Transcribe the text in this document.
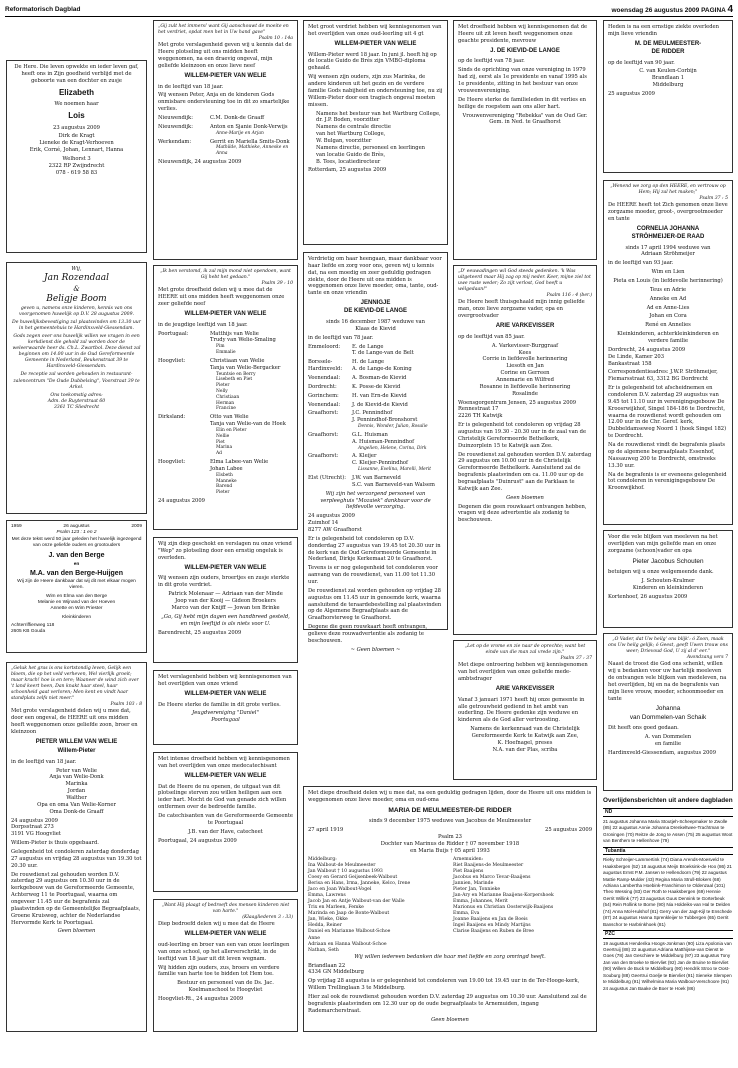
Reformatorisch Dagblad	woensdag 26 augustus 2009 PAGINA 4
De Here. Die leven opwekte en ieder leven gaf, heeft ons in Zijn goedheid verblijd met de geboorte van een dochter en zusje
Elizabeth
We noemen haar
Lois
23 augustus 2009
Dirk de Kragt
Lieneke de Kragt-Verhoeven
Erik, Corné, Johan, Lennart, Hanna
Welhorst 3
2322 RP Zwijndrecht
078 - 619 58 83
Wij,
Jan Rozendaal
&
Beligje Boom
geven u, namens onze kinderen, kennis van ons voorgenomen huwelijk op D.V. 28 augustus 2009.
De huwelijksbevestiging zal plaatsvinden om 13.30 uur in het gemeentehuis te Hardinxveld-Giessendam.
Gods zegen over ons huwelijk willen we vragen in een kerkdienst die gehold zal worden door de weleerwaarde heer ds. Ch.L. Zwartbol. Deze dienst zal beginnen om 14.00 uur in de Oud Gereformeerde Gemeente in Nederland, Beukenstraat 39 te Hardinxveld-Giessendam.
De receptie zal worden gehouden in restaurant-zalencentrum "De Oude Dubbelsing", Voorstraat 39 te Arkel.
Ons toekomstig adres:
Adm. de Ruyterstraat 60
3361 TC Sliedrecht
1959	26 augustus	2009
Psalm 123 : 1 en 2
Met deze tekst werd 50 jaar geleden het huwelijk ingezegend van onze geliefde ouders en grootouders
J. van den Berge
en
M.A. van den Berge-Huijgen
Wij zijn de Heere dankbaar dat wij dit met elkaar mogen vieren.
Wim en Elma van den Berge
Melanie en Wijnand van der Hoeven
Annette en Wim Priester
Kleinkinderen
Achterriffienweg 118
2605 KB Gouda
„Geluk het gras is ons kortstondig leven, Gelijk een bloem, die op het veld verheven, Wel vierlijk groeit; maar krach! hoe is en tere; Waaneer de wind zich over 't land keert heen, Dan knakt haar steel, haar schoonheid gaat verloren; Men kent en vindt haar standplats zelfs niet meer."
Psalm 103 : 8
Met grote verslagenheid delen wij u mee dat, door een ongeval, de HEERE uit ons midden heeft weggenomen onze geliefde zoon, broer en kleinzoon
PIETER WILLEM VAN WELIE
Willem-Pieter
in de leeftijd van 18 jaar.
Peter van Welie
Anja van Welie-Donk
Marinka
Jordan
Walther
Opa en oma Van Welie-Korner
Oma Donk-de Graaff
24 augustus 2009
Dorpsstraat 273
3191 VG Hoogvliet
Willem-Pieter is thuis opgebaard.
Gelegenheid tot condoleren zaterdag donderdag 27 augustus en vrijdag 28 augustus van 19.30 tot 20.30 uur.
De rouwdienst zal gehouden worden D.V. zaterdag 29 augustus om 10.30 uur in de kerkgebouw van de Gereformeerde Gemeente, Achterweg 11 te Poortugaal, waarna om ongeveer 11.45 uur de begrafenis zal plaatsvinden op de Gemeentelijke Begraafplaats, Groene Kruisweg, achter de Nederlandse Hervormde Kerk te Poortugaal.
Geen bloemen
„Gij zult het immers! want Gij aanschouwt de moeite en het verdriet, opdat men het in Uw hand gave"
Psalm 10 : 14a
Met grote verslagenheid geven wij u kennis dat de Heere plotseling uit ons midden heeft weggenomen, na een draevig ongeval, mijn geliefde kleinzoon en onze lieve neef
WILLEM-PIETER VAN WELIE
in de leeftijd van 18 jaar.
Wij wensen Peter, Anja en de kinderen Gods onmisbare ondersteuning toe in dit zo smartelijke verlies.
Nieuwendijk:	C.M. Donk-de Graaff
Nieuwendijk:	Anton en Sjanie Donk-Verwijs
Anne-Marije en Arjan
Werkendam:	Gerrit en Mariella Smits-Donk
Mathilde, Mathieke, Anneske en Anna
Nieuwendijk, 24 augustus 2009
„Ik ben verstomd, ik zal mijn mond niet opendoen, want Gij hebt het gedaan."
Psalm 39 : 10
Met grote droefheid delen wij u mee dat de HEERE uit ons midden heeft weggenomen onze zeer geliefde neef
WILLEM-PIETER VAN WELIE
in de jeugdige leeftijd van 18 jaar.
Poortugaal:	Matthijs van Welie
Trudy van Welie-Smaling
Pim
Emmalie
Hoogvliet:	Christiaan van Welie
Tanja van Welie-Bergacker
Teuntsie en Berry
Lisebeth en Piet
Pieter
Nelly
Christiaan
Herman
Francine
Dirksland:	Otto van Welie
Tanja van Welie-van de Hoek
Elin en Pieter
Nellie
Piet
Marina
Ad
Hoogvliet:	Elma Labee-van Welie
Johan Labee
Elsbeth
Manneke
Barend
Pieter
24 augustus 2009
Wij zijn diep geschokt en verslagen nu onze vriend "Wep" zo plotseling door een ernstig ongeluk is overleden.
WILLEM-PIETER VAN WELIE
Wij wensen zijn ouders, broertjes en zusje sterkte in dit grote verdriet.
Patrick Molenaar — Adriaan van der Minde
Joop van der Kooij — Gideon Broekers
Marco van der Knijff — Jowan ten Brinke
„Ga, Gij hebt mijn dagen een handbreed gesteld, en mijn leeftijd is als niets voor U.
Barendrecht, 25 augustus 2009
Met verslagenheid hebben wij kennisgenomen van het overlijden van onze vriend
WILLEM-PIETER VAN WELIE
De Heere sterke de familie in dit grote verlies.
Jeugdvereniging "Daniel"
Poortugaal
Met intense droefheid hebben wij kennisgenomen van het overlijden van onze medecatechisant
WILLEM-PIETER VAN WELIE
Dat de Heere de nu openen, de uitgaat van dit plotselinge sterven zou willen heiligen aan een ieder hart. Mocht de God van genade zich willen ontfermen over de bedroefde familie.
De catechisanten van de Gereformeerde Gemeente te Poortugaal
J.B. van der Have, catecheet
Poortugaal, 24 augustus 2009
„Want Hij plaagt of bedroeft des mensen kinderen niet van harte."
(Klaagliederen 3 : 33)
Diep bedroefd delen wij u mee dat de Heere
WILLEM-PIETER VAN WELIE
oud-leerling en broer van een van onze leerlingen van onze school, op het allerverschrikt, in de leeftijd van 18 jaar uit dit leven wegnam.
Wij hidden zijn ouders, zus, broers en verdere familie van harte toe te bidden tot Hem toe.
Bestuur en personeel van de Ds. Jac. Koelmanschool te Hoogvliet
Hoogvliet-Rt., 24 augustus 2009
Met groot verdriet hebben wij kennisgenomen van het overlijden van onze oud-leerling uit 4 gt
WILLEM-PIETER VAN WELIE
Willem-Pieter werd 18 jaar. In juni jl. heeft hij op de locatie Guido de Brès zijn VMBO-diploma gehaald.
Wij wensen zijn ouders, zijn zus Marinka, de andere kinderen uit het gezin en de verdere familie Gods nabijheid en ondersteuning toe, nu zij Willem-Pieter door een tragisch ongeval moeten missen.
Namens het bestuur van het Wartburg College,
dr. J.P. Boden, voorzitter
Namens de centrale directie
van het Wartburg College,
W. Bulgan, voorzitter
Namens directie, personeel en leerlingen
van locatie Guido de Brès,
B. Tees, locatiedirecteur
Rotterdam, 25 augustus 2009
Verdrietig om haar heengaan, maar dankbaar voor haar liefde en zorg voor ons, geven wij u kennis dat, na een moedig en zeer geduldig gedragen ziekte, door de Heere uit ons midden is weggenomen onze lieve moeder, oma, tante, oud-tante en onze vriendin
JENNIGJE
DE KIEVID-DE LANGE
sinds 16 december 1987 weduwe van
Klaas de Kievid
in de leeftijd van 78 jaar.
Emmeloord:	E. de Lange
T. de Lange-van de Belt
Borssele-Hardinxveld:
H. de Lange
A. de Lange-de Koning
Veenendaal:	A. Bosman-de Kievid
Dordrecht:	K. Posse-de Kievid
Gorinchem:	H. van Ern-de Kievid
Veenendaal:	J. de Kievid-de Kievid
Graafhorst:	J.C. Pennindhof
J. Pennindhof-Bronshorst
Dennis, Wonder, Julian, Rosalie
Graafhorst:	G.L. Huisman
A. Huisman-Pennindhof
Angelien, Helene, Corina, Dirk
Graafhorst:	A. Kleijer
C. Kleijer-Pennindhof
Lissanne, Evelina, Marelli, Merit
Elst (Utrecht):	J.W. van Barneveld
S.C. van Barneveld-van Walsem
Wij zijn het verzorgend personeel van verpleeghuis "Mozaiek" dankbaar voor de liefdevolle verzorging.
24 augustus 2009
Zuimhof 14
8277 AW Graafhorst
Er is gelegenheid tot condoleren op D.V. donderdag 27 augustus van 19.45 tot 20.30 uur in de kerk van de Oud Gereformeerde Gemeente in Nederland, Dirkje Kerkemaat 20 te Graafhorst.
Tevens is er nog gelegenheid tot condoleren voor aanvang van de rouwdienst, van 11.00 tot 11.30 uur.
De rouwdienst zal worden gehouden op vrijdag 28 augustus om 11.45 uur in genoemde kerk, waarna aansluitend de teraardebestelling zal plaatsvinden op de Algemene Begraafplaats aan de Graafhorsterweg te Graafhorst.
Degene die geen rouwkaart heeft ontvangen, gelieve deze rouwadvertentie als zodanig te beschouwen.
~ Geen bloemen ~
Met droefheid hebben wij kennisgenomen dat de Heere uit zit leven heeft weggenomen onze geachte presidente, mevrouw
J. DE KIEVID-DE LANGE
op de leeftijd van 78 jaar.
Sinds de oprichting van onze vereniging in 1979 had zij, eerst als 1e presidente en vanaf 1995 als 1e presidente, zitting in het bestuur van onze vrouwenvereniging.
De Heere sterke de familieleden in dit verlies en heilige de roepstem aan ons aller hart.
Vrouwenvereniging "Rebekka" van de Oud Ger. Gem. in Ned. te Graafhorst
„D' eeuwadingen wil God steeds gedenken. 'k Was uitgeteerd maar Hij zag op mij neder. Keer, mijne ziel tot uwe ruste weder; Zo zijt verlost, God heeft u wélgedaan!"
Psalm 116 : 4 (ber.)
De Heere heeft thuisgehaald mijn innig geliefde man, onze lieve zorgzame vader, opa en overgrootvader
ARIE VARKEVISSER
op de leeftijd van 85 jaar.
A. Varkevisser-Burggraaf
Kees
Corrie in liefdevolle herinnering
Liesoth en Jan
Corine en Gerreen
Annemarie en Wilfred
Rosanne in liefdevolle herinnering
Rosalinde
Woensgorgentrum Jensen, 25 augustus 2009
Rennestraat 17
2226 TH Katwijk
Er is gelegenheid tot condoleren op vrijdag 28 augustus van 19.30 - 20.30 uur in de zaal van de Christelijk Gereformeerde Bethelkerk, Duinzorplein 15 te Katwijk aan Zee.
De rouwdienst zal gehouden worden D.V. zaterdag 29 augustus om 10.00 uur in de Christelijk Gereformeerde Bethelkerk. Aansluitend zal de begrafenis plaatsvinden om ca. 11.00 uur op de begraafplaats "Duinrust" aan de Parklaan te Katwijk aan Zee.
Geen bloemen
Degenen die geen rouwkaart ontvangen hebben, vragen wij deze advertentie als zodanig te beschouwen.
„Let op de vrome en zie naar de oprechte; want het einde van die man zal vrede zijn."
Psalm 37 : 37
Met diepe ontroering hebben wij kennisgenomen van het overlijden van onze geliefde mede-ambtsdrager
ARIE VARKEVISSER
Vanaf 3 januari 1971 heeft hij onze gemeente in alle getrouwheid gediend in het ambt van ouderling. De Heere gedenke zijn weduwe en kinderen als de God aller vertroosting.
Namens de kerkenraad van de Christelijk Gereformeerde Kerk te Katwijk aan Zee,
K. Hoefnagel, preses
N.A. van der Plas, scriba
Met diepe droefheid delen wij u mee dat, na een geduldig gedragen lijden, door de Heere uit ons midden is weggenomen onze lieve moeder, oma en oud-oma
MARIA DE MEULMEESTER-DE RIDDER
sinds 9 december 1975 weduwe van Jacobus de Meulmeester
27 april 1919	25 augustus 2009
Psalm 23
Dochter van Marinus de Ridder † 07 november 1918
en Maria Buijs † 05 april 1993
Middelburg:
Ina Walbout-de Meulmeester
Jan Walbout † 10 augustus 1993
Coesy en Gerard Geijsenbeek-Walbout
Berisa en Hans, Irma, Janneke, Kelco, Irene
Jaco en Joan Walbout-Vogel
Emma, Lawrens
Jacob Jan en Antje Walbout-van der Walle
Trix en Marleen, Femke
Marinda en Jaap de Bonte-Walbout
Jan, Wieke, Okke
Hedda, Reiner
Daniel en Marianne Walbout-Schoe
Anne
Adriaan en Hanna Walbout-Schoe
Nathan, Seth
Arnemuiden:
Riet Baaijens-de Meulmeester
Piet Baaijens
Jacobus en Marco Tevar-Baaijens
Jannien, Marinde
Pieter Jan, Tonnieke
Jan-Ary en Marianne Baaijens-Korpershoek
Emma, Johannes, Merit
Marionus en Christian Oosterwijk-Baaijens
Emma, Eva
Joanne Baaijens en Jan de Boeis
Ingel Baaijens en Mindy Martijns
Clarise Baaijens en Ruben de Bree
Wij willen iedereen bedanken die haar met liefde en zorg omringd heeft.
Briandlaan 22
4334 GN Middelburg
Op vrijdag 28 augustus is er gelegenheid tot condoleren van 19.00 tot 19.45 uur in de Ter-Hooge-kerk, Willem Trellinglaan 3 te Middelburg.
Hier zal ook de rouwdienst gehouden worden D.V. zaterdag 29 augustus om 10.30 uur. Aansluitend zal de begrafenis plaatsvinden om 12.30 uur op de oude begraafplaats te Arnemuiden, ingang Rademarcherstraat.
Geen bloemen
Heden is na een ernstige ziekte overleden mijn lieve vriendin
M. DE MEULMEESTER-
DE RIDDER
op de leeftijd van 90 jaar.
C. van Keulen-Corbijn
Brandlaan 1
Middelburg
25 augustus 2009
„Wenend we zorg op den HEERE, en vertrouw op Hem; Hij zal het maken;"
Psalm 37 : 5
De HEERE heeft tot Zich genomen onze lieve zorgzame moeder, groot-, overgrootmoeder en tante
CORNELIA JOHANNA
STRÖHMEIJER-DE RAAD
sinds 17 april 1994 weduwe van
Adriaan Ströhmeijer
in de leeftijd van 93 jaar.
Wim en Lien
Pieta en Louis (in liefdevolle herinnering)
Teus en Adrie
Anneke en Ad
Ad en Anne-Lies
Johan en Cora
René en Annelies
Kleinkinderen, achterkleinkinderen en verdere familie
Dordrecht, 24 augustus 2009
De Linde, Kamer 203
Bankastraat 158
Correspondentieadres: J.W.P. Ströhmeijer, Fiemarsstraat 63, 3312 BG Dordrecht
Er is gelegenheid tot afscheidnemen en condoleren D.V. zaterdag 29 augustus van 9.45 tot 11.10 uur in verenigingsgebouw De Kroosrwijkhof, Singel 184-186 te Dordrecht, waarna de rouwdienst wordt gehouden om 12.00 uur in de Chr. Geref. kerk, Dubbeldamseweg Noord 1 (hoek Singel 182) te Dordrecht.
Na de rouwdienst vindt de begrafenis plaats op de algemene begraafplaats Essenhof, Nassauweg 200 te Dordrecht, omstreeks 13.30 uur.
Na de begrafenis is er eveneens gelegenheid tot condoleren in verenigingsgebouw De Kroonwijkhof.
Voor die vele blijken van meeleven na het overlijden van mijn geliefde man en onze zorgzame (schoon)vader en opa
Pieter Jacobus Schouten
betuigen wij u onze welgemeende dank.
J. Schouten-Kralmer
Kinderen en kleinkinderen
Kortenhoef, 26 augustus 2009
„O Vader, dat Uw heilg' ons blijk': ó Zoon, maak ons Uw heilg gelijk; ó Geest, geeft Uwen trouw ons weer; Drievoud God, U zij al d' eer."
Avondzang vers 7
Naast de troost die God ons schenkt, willen wij u bedanken voor uw hartelijk meeleven de ontvangen vele blijken van medeleven, na het overlijden, bij en na de begrafenis van mijn lieve vrouw, moeder, schoonmoeder en tante
Johanna
van Dommelen-van Schaik
Dit heeft ons goed gedaan.
A. van Dommelen
en familie
Hardinxveld-Giessendam, augustus 2009
Overlijdensberichten uit andere dagbladen
ND
21 augustus Johanna Maria Stoutjeh-Scheepmaker te Zwolle (85) 22 augustus Annie Johanna Drenkeltwee-Trachtman te Groningen (70) Reitze de Jong te Assen (75) 25 augustus Woot van Benthem te Hellenhove (79)
Tubantia
Rieky Schreijer-Lammertink (74) Diana Arends-Moesveld te Haaksbergen (52) 18 augustus Meijn Broeksink-de Hoo (86) 21 augustus Ernst P.M. Jansen te Hellendoorn (79) 22 augustus Mattie Ramp-Mulder (43) Regina Maria Strull-Blokers (68) Adriana Lambertha Hoebink-Franchimon te Oldenzaal (101) Theo Wessing (83) Ger Roth te Haaksbergen (69) Hennie Gerrit Willink (77) 23 augustus Guus Dennink te Gorterbeuk (54) Rein Rollink te Borne (90) Nia Holdeiks-van Hal te Delden (74) Anna Mol-Hulshof (81) Gerry van der Jagt-Kijl te Enschede (87) 24 augustus Hanna Sprenkleijer te Tubbergen (65) Gerrit Banschor te Harbrinkhoek (81)
PZC
19 augustus Henderika Hoogs-Jonkman (90) Liza Apolonia van Geertruij (88) 22 augustus Adriana Matthijsse-van Dienst te Goes (78) Jan Geschiere te Middelburg (97) 23 augustus Tony Jan van den Broeke te Biervliet (92) Jan de Bruine te Biervliet (90) Willem de Buck te Middelburg (90) Hendrik Stroo te Oost-Souburg (88) Geertrui Goelje te Biervliet (91) Sieneke Slempen te Middelburg (91) Wilhelmina Maria Walbout-Verschoore (91) 24 augustus Jan Baake de Boer te Hoek (86)
